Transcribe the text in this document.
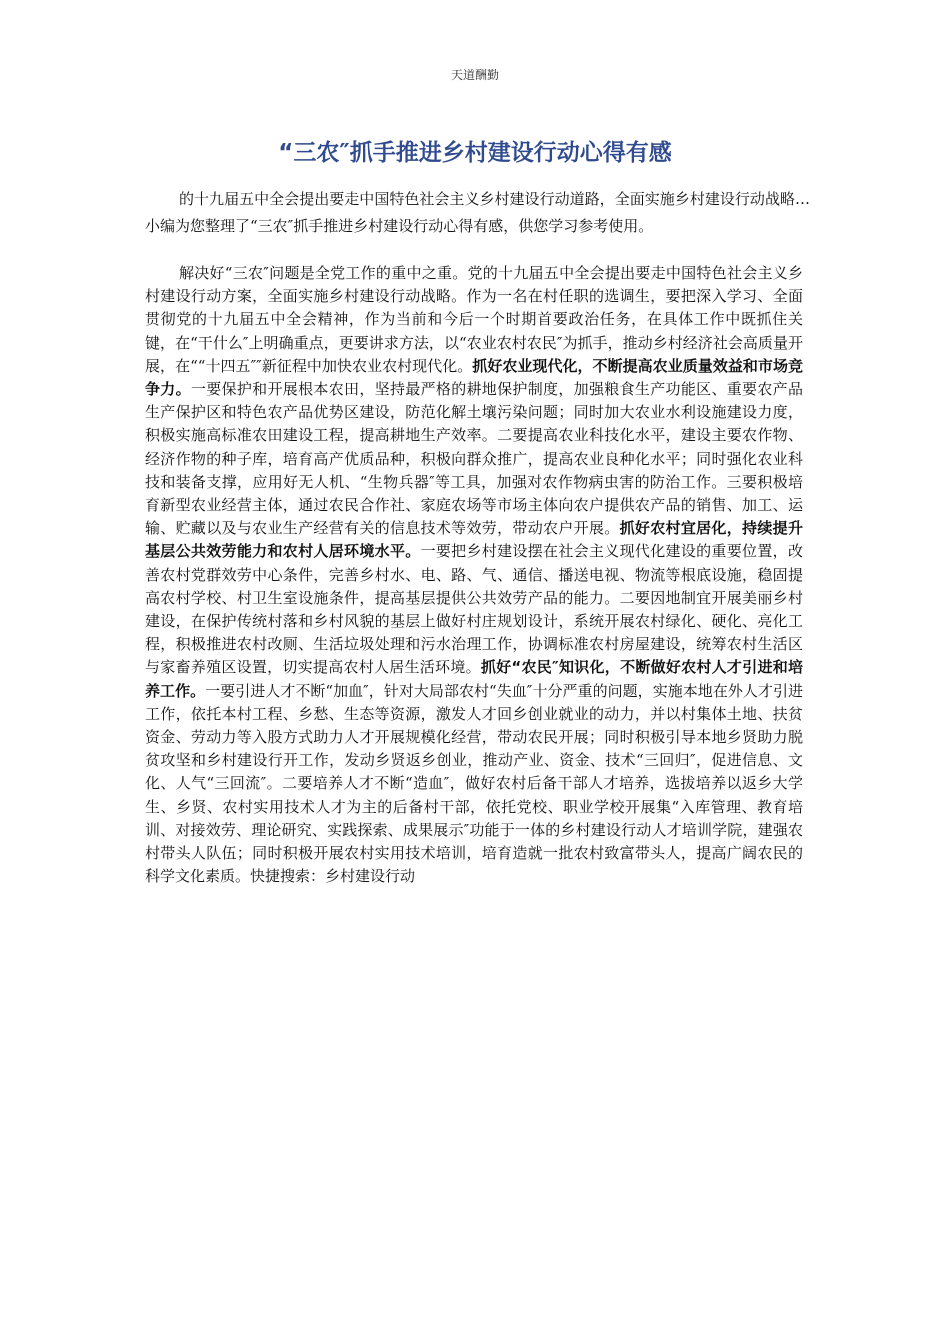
天道酬勤
“三农″抓手推进乡村建设行动心得有感

的十九届五中全会提出要走中国特色社会主义乡村建设行动道路，全面实施乡村建设行动战略…小编为您整理了“三农″抓手推进乡村建设行动心得有感，供您学习参考使用。

解决好“三农″问题是全党工作的重中之重。党的十九届五中全会提出要走中国特色社会主义乡村建设行动方案，全面实施乡村建设行动战略。作为一名在村任职的选调生，要把深入学习、全面贯彻党的十九届五中全会精神，作为当前和今后一个时期首要政治任务，在具体工作中既抓住关键，在“干什么″上明确重点，更要讲求方法，以“农业农村农民″为抓手，推动乡村经济社会高质量开展，在““十四五″″新征程中加快农业农村现代化。抓好农业现代化，不断提高农业质量效益和市场竞争力。一要保护和开展根本农田，坚持最严格的耕地保护制度，加强粮食生产功能区、重要农产品生产保护区和特色农产品优势区建设，防范化解土壤污染问题；同时加大农业水利设施建设力度，积极实施高标准农田建设工程，提高耕地生产效率。二要提高农业科技化水平，建设主要农作物、经济作物的种子库，培育高产优质品种，积极向群众推广，提高农业良种化水平；同时强化农业科技和装备支撑，应用好无人机、“生物兵器″等工具，加强对农作物病虫害的防治工作。三要积极培育新型农业经营主体，通过农民合作社、家庭农场等市场主体向农户提供农产品的销售、加工、运输、贮藏以及与农业生产经营有关的信息技术等效劳，带动农户开展。抓好农村宜居化，持续提升基层公共效劳能力和农村人居环境水平。一要把乡村建设摆在社会主义现代化建设的重要位置，改善农村党群效劳中心条件，完善乡村水、电、路、气、通信、播送电视、物流等根底设施，稳固提高农村学校、村卫生室设施条件，提高基层提供公共效劳产品的能力。二要因地制宜开展美丽乡村建设，在保护传统村落和乡村风貌的基层上做好村庄规划设计，系统开展农村绿化、硬化、亮化工程，积极推进农村改厕、生活垃圾处理和污水治理工作，协调标准农村房屋建设，统筹农村生活区与家畜养殖区设置，切实提高农村人居生活环境。抓好“农民″知识化，不断做好农村人才引进和培养工作。一要引进人才不断“加血″，针对大局部农村“失血″十分严重的问题，实施本地在外人才引进工作，依托本村工程、乡愁、生态等资源，激发人才回乡创业就业的动力，并以村集体土地、扶贫资金、劳动力等入股方式助力人才开展规模化经营，带动农民开展；同时积极引导本地乡贤助力脱贫攻坚和乡村建设行开工作，发动乡贤返乡创业，推动产业、资金、技术“三回归″，促进信息、文化、人气“三回流″。二要培养人才不断“造血″，做好农村后备干部人才培养，选拔培养以返乡大学生、乡贤、农村实用技术人才为主的后备村干部，依托党校、职业学校开展集“入库管理、教育培训、对接效劳、理论研究、实践探索、成果展示″功能于一体的乡村建设行动人才培训学院，建强农村带头人队伍；同时积极开展农村实用技术培训，培育造就一批农村致富带头人，提高广阔农民的科学文化素质。快捷搜索：乡村建设行动
